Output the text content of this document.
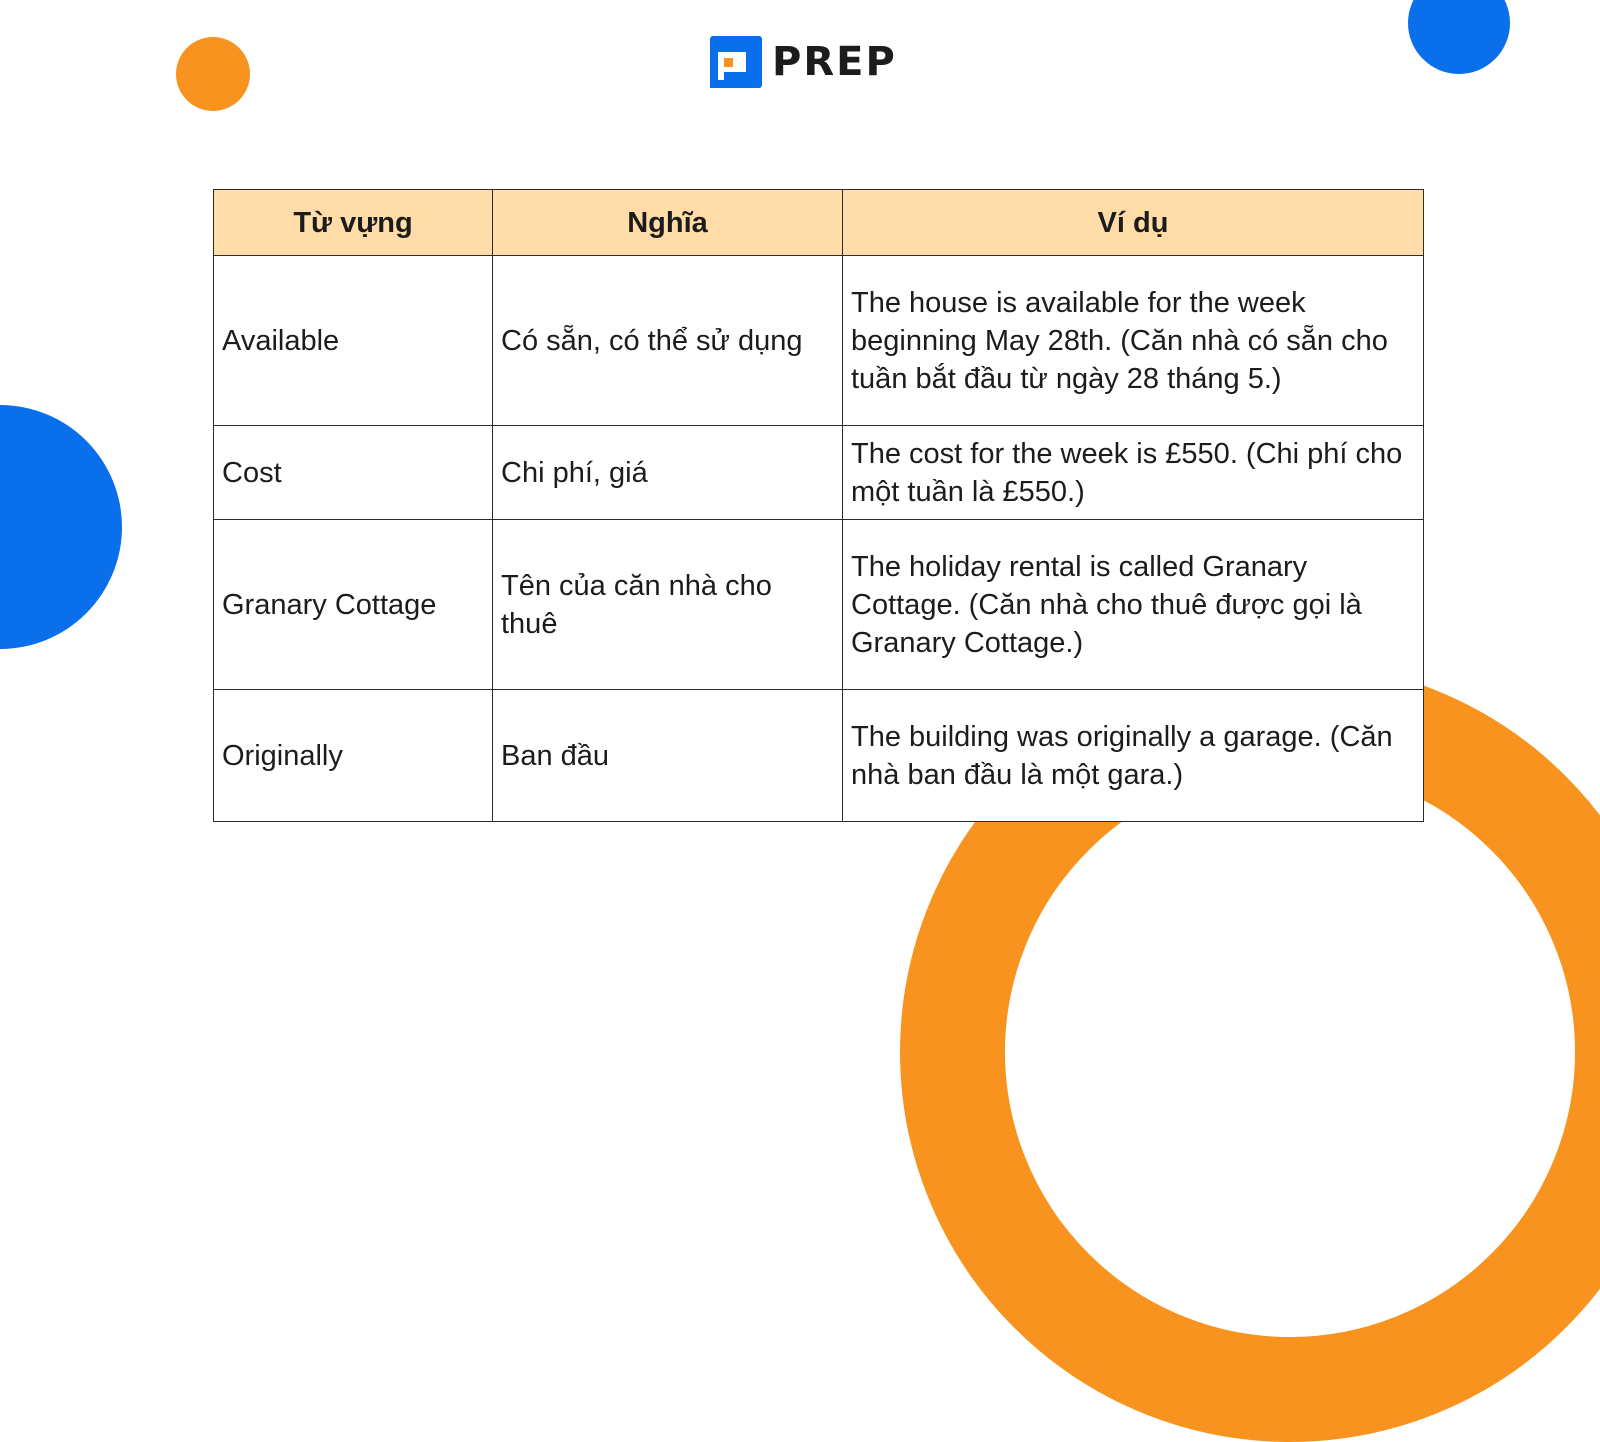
PREP
Từ vựng	Nghĩa	Ví dụ
Available	Có sẵn, có thể sử dụng	The house is available for the week beginning May 28th. (Căn nhà có sẵn cho tuần bắt đầu từ ngày 28 tháng 5.)
Cost	Chi phí, giá	The cost for the week is £550. (Chi phí cho một tuần là £550.)
Granary Cottage	Tên của căn nhà cho thuê	The holiday rental is called Granary Cottage. (Căn nhà cho thuê được gọi là Granary Cottage.)
Originally	Ban đầu	The building was originally a garage. (Căn nhà ban đầu là một gara.)
